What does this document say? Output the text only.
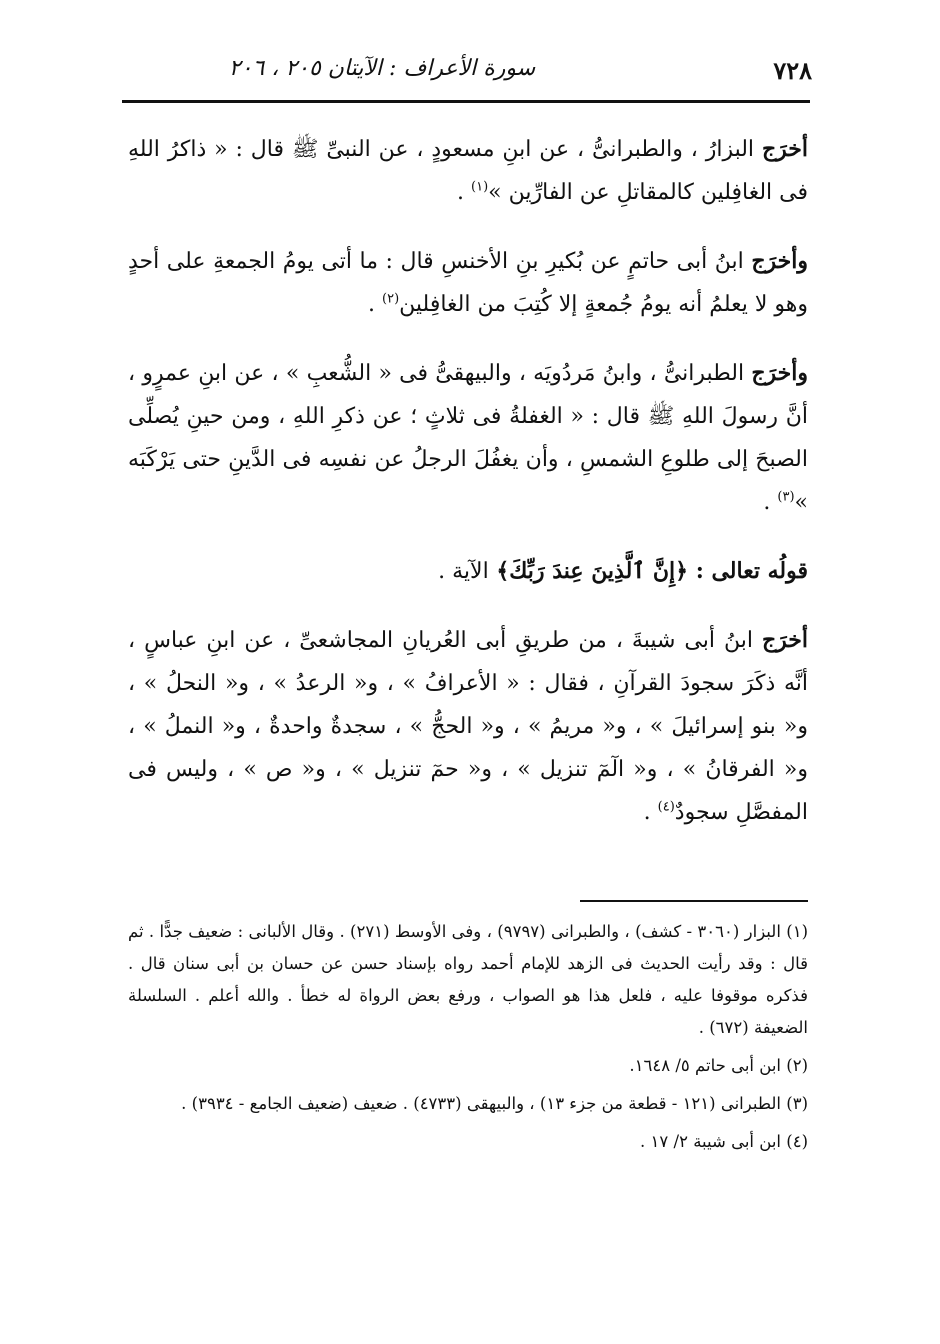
٧٢٨
سورة الأعراف : الآيتان ٢٠٥ ، ٢٠٦

أخرَج البزارُ ، والطبرانىُّ ، عن ابنِ مسعودٍ ، عن النبىِّ ﷺ قال : « ذاكرُ اللهِ فى الغافِلين كالمقاتلِ عن الفارِّين »$^{(١)}$ .

وأخرَج ابنُ أبى حاتمٍ عن بُكيرِ بنِ الأخنسِ قال : ما أتى يومُ الجمعةِ على أحدٍ وهو لا يعلمُ أنه يومُ جُمعةٍ إلا كُتِبَ من الغافِلين$^{(٢)}$ .

وأخرَج الطبرانىُّ ، وابنُ مَردُويَه ، والبيهقىُّ فى « الشُّعبِ » ، عن ابنِ عمرٍو ، أنَّ رسولَ اللهِ ﷺ قال : « الغفلةُ فى ثلاثٍ ؛ عن ذكرِ اللهِ ، ومن حينِ يُصلِّى الصبحَ إلى طلوعِ الشمسِ ، وأن يغفُلَ الرجلُ عن نفسِه فى الدَّينِ حتى يَرْكَبَه »$^{(٣)}$ .

قولُه تعالى : ﴿إِنَّ ٱلَّذِينَ عِندَ رَبِّكَ﴾ الآية .

أخرَج ابنُ أبى شيبةَ ، من طريقِ أبى العُريانِ المجاشعىِّ ، عن ابنِ عباسٍ ، أنَّه ذكَرَ سجودَ القرآنِ ، فقال : « الأعرافُ » ، و« الرعدُ » ، و« النحلُ » ، و« بنو إسرائيلَ » ، و« مريمُ » ، و« الحجُّ » ، سجدةٌ واحدةٌ ، و« النملُ » ، و« الفرقانُ » ، و« الٓمٓ تنزيل » ، و« حمٓ تنزيل » ، و« ص » ، وليس فى المفصَّلِ سجودٌ$^{(٤)}$ .

(١) البزار (٣٠٦٠ - كشف) ، والطبرانى (٩٧٩٧) ، وفى الأوسط (٢٧١) . وقال الألبانى : ضعيف جدًّا . ثم قال : وقد رأيت الحديث فى الزهد للإمام أحمد رواه بإسناد حسن عن حسان بن أبى سنان قال . فذكره موقوفا عليه ، فلعل هذا هو الصواب ، ورفع بعض الرواة له خطأ . والله أعلم . السلسلة الضعيفة (٦٧٢) .

(٢) ابن أبى حاتم ٥/ ١٦٤٨.

(٣) الطبرانى (١٢١ - قطعة من جزء ١٣) ، والبيهقى (٤٧٣٣) . ضعيف (ضعيف الجامع - ٣٩٣٤) .

(٤) ابن أبى شيبة ٢/ ١٧ .
